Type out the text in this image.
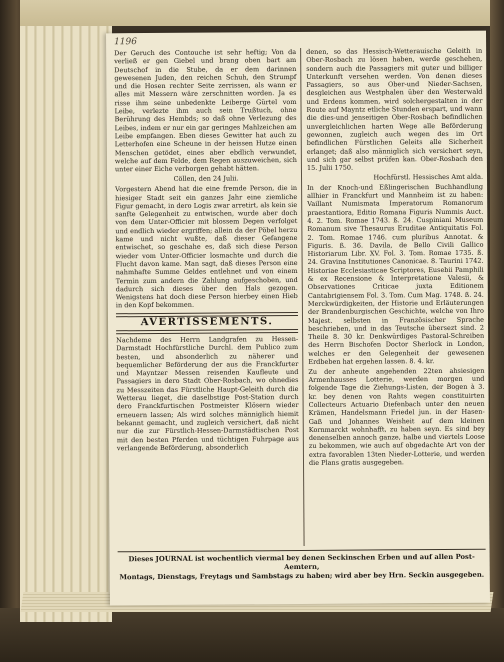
1196

Der Geruch des Contouche ist sehr heftig; Von da verließ er gen Giebel und brang oben bart am Deutschof in die Stube, da er dem darinnen gewesenen Juden, den reichen Schuh, den Strumpf und die Hosen rechter Seite zerrissen, als wann er alles mit Messern wäre zerschnitten worden. Ja es risse ihm seine unbedenkte Leiberge Gürtel vom Leibe, verlezte ihm auch sein Trußtuch, ohne Berührung des Hembds; so daß ohne Verlezung des Leibes, indem er nur ein gar geringes Mahlzeichen am Leibe empfangen. Eben dieses Gewitter hat auch zu Letterhofen eine Scheune in der heissen Hutze einen Menschen getödet, eines aber ebdlich verwundet, welche auf dem Felde, dem Regen auszuweichen, sich unter einer Eiche verborgen gehabt hätten.

Cöllen, den 24 Julii.

Vorgestern Abend hat die eine fremde Person, die in hiesiger Stadt seit ein ganzes Jahr eine ziemliche Figur gemacht, in dero Logis zwar arretirt, als kein sie sanfte Gelegenheit zu entwischen, wurde aber doch von dem Unter-Officier mit blossem Degen verfolget und endlich wieder ergriffen; allein da der Pöbel herzu kame und nicht wußte, daß dieser Gefangene entwischet, so geschahe es, daß sich diese Person wieder vom Unter-Officier losmachte und durch die Flucht davon kame. Man sagt, daß dieses Person eine nahmhafte Summe Geldes entlehnet und von einem Termin zum andern die Zahlung aufgeschoben, und dadurch sich dieses über den Hals gezogen. Wenigstens hat doch diese Person hierbey einen Hieb in den Kopf bekommen.

AVERTISSEMENTS.

Nachdeme des Herrn Landgrafen zu Hessen-Darmstadt Hochfürstliche Durchl. dem Publico zum besten, und absonderlich zu näherer und bequemlicher Beförderung der aus die Franckfurter und Mayntzer Messen reisenden Kaufleute und Passagiers in dero Stadt Ober-Rosbach, wo ohnedies zu Messzeiten das Fürstliche Haupt-Geleith durch die Wetterau lieget, die daselbstige Post-Station durch dero Franckfurtischen Postmeister Klösern wieder erneuern lassen; Als wird solches männiglich hiemit bekannt gemacht, und zugleich versichert, daß nicht nur die zur Fürstlich-Hessen-Darmstädtischen Post mit den besten Pferden und tüchtigen Fuhrpage aus verlangende Beförderung, absonderlich

denen, so das Hessisch-Wetterauische Geleith in Ober-Rosbach zu lösen haben, werde geschehen, sondern auch die Passagiers mit guter und billiger Unterkunft versehen werden. Von denen dieses Passagiers, so aus Ober-und Nieder-Sachsen, desgleichen aus Westphalen über den Westerwald und Erdens kommen, wird solchergestalten in der Route auf Mayntz etliche Stunden erspart, und wann die dies-und jenseitigen Ober-Rosbach befindlichen unvergleichlichen harten Wege alle Beförderung gewonnen, zugleich auch wegen des im Ort befindlichen Fürstlichen Geleits alle Sicherheit erlanget; daß also männiglich sich versichert seyn, und sich gar selbst prüfen kan. Ober-Rosbach den 15. Julii 1750.

Hochfürstl. Hessisches Amt alda.

In der Knoch-und Eßlingerischen Buchhandlung allhier in Franckfurt und Mannheim ist zu haben: Vaillant Numismata Imperatorum Romanorum praestantiora, Editio Romana Figuris Nummis Auct. 4. 2. Tom. Romae 1743. ß. 24. Cuspiniani Museum Romanum sive Thesaurus Eruditae Antiquitatis Fol. 2. Tom. Romae 1746. cum pluribus Annotat. & Figuris. ß. 36. Davila, de Bello Civili Gallico Historiarum Libr. XV. Fol. 3. Tom. Romae 1735. ß. 24. Gravina Institutiones Canonicae. 8. Taurini 1742. Historiae Ecclesiasticae Scriptores, Eusebii Pamphili & ex Recensione & Interpretatione Valesii, & Observationes Criticae juxta Editionem Cantabrigiensem Fol. 3. Tom. Cum Mag. 1748. ß. 24. Merckwürdigkeiten, der Historie und Erläuterungen der Brandenburgischen Geschichte, welche von Ihro Majest. selbsten in Französischer Sprache beschrieben, und in das Teutsche übersezt sind. 2 Theile 8. 30 kr. Denkwürdiges Pastoral-Schreiben des Herrn Bischofen Doctor Sherlock in London, welches er den Gelegenheit der gewesenen Erdbeben hat ergehen lassen. 8. 4. kr.

Zu der anheute angehenden 22ten ahsiesigen Armenhausses Lotterie, werden morgen und folgende Tage die Ziehungs-Listen, der Bogen à 3. kr. bey denen von Rahts wegen constituirten Collecteurs Actuario Diefenbach unter den neuen Krämen, Handelsmann Friedel jun. in der Hasen-Gaß und Johannes Weisheit auf dem kleinen Kornmarckt wohnhafft, zu haben seyn. Es sind bey denenselben annoch ganze, halbe und viertels Loose zu bekommen, wie auch auf obgedachte Art von der extra favorablen 13ten Nieder-Lotterie, und werden die Plans gratis ausgegeben.

Dieses JOURNAL ist wochentlich viermal bey denen Seckinschen Erben und auf allen Post-Aemtern,
Montags, Dienstags, Freytags und Sambstags zu haben; wird aber bey Hrn. Seckin ausgegeben.
